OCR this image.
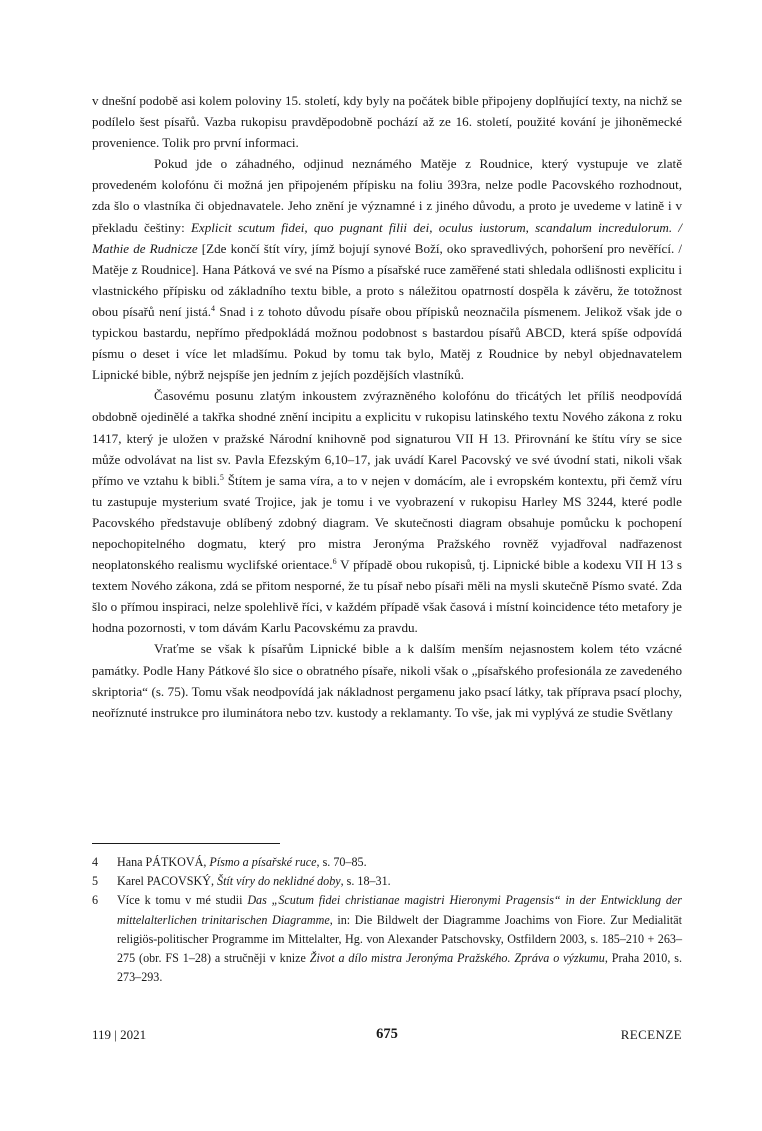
v dnešní podobě asi kolem poloviny 15. století, kdy byly na počátek bible připojeny doplňující texty, na nichž se podílelo šest písařů. Vazba rukopisu pravděpodobně pochází až ze 16. století, použité kování je jihoněmecké provenience. Tolik pro první informaci.

Pokud jde o záhadného, odjinud neznámého Matěje z Roudnice, který vystupuje ve zlatě provedeném kolofónu či možná jen připojeném přípisku na foliu 393ra, nelze podle Pacovského rozhodnout, zda šlo o vlastníka či objednavatele. Jeho znění je významné i z jiného důvodu, a proto je uvedeme v latině i v překladu češtiny: Explicit scutum fidei, quo pugnant filii dei, oculus iustorum, scandalum incredulorum. / Mathie de Rudnicze [Zde končí štít víry, jímž bojují synové Boží, oko spravedlivých, pohoršení pro nevěřící. / Matěje z Roudnice]. Hana Pátková ve své na Písmo a písařské ruce zaměřené stati shledala odlišnosti explicitu i vlastnického přípisku od základního textu bible, a proto s náležitou opatrností dospěla k závěru, že totožnost obou písařů není jistá.$^4$ Snad i z tohoto důvodu písaře obou přípisků neoznačila písmenem. Jelikož však jde o typickou bastardu, nepřímo předpokládá možnou podobnost s bastardou písařů ABCD, která spíše odpovídá písmu o deset i více let mladšímu. Pokud by tomu tak bylo, Matěj z Roudnice by nebyl objednavatelem Lipnické bible, nýbrž nejspíše jen jedním z jejích pozdějších vlastníků.

Časovému posunu zlatým inkoustem zvýrazněného kolofónu do třicátých let příliš neodpovídá obdobně ojedinělé a takřka shodné znění incipitu a explicitu v rukopisu latinského textu Nového zákona z roku 1417, který je uložen v pražské Národní knihovně pod signaturou VII H 13. Přirovnání ke štítu víry se sice může odvolávat na list sv. Pavla Efezským 6,10–17, jak uvádí Karel Pacovský ve své úvodní stati, nikoli však přímo ve vztahu k bibli.$^5$ Štítem je sama víra, a to v nejen v domácím, ale i evropském kontextu, při čemž víru tu zastupuje mysterium svaté Trojice, jak je tomu i ve vyobrazení v rukopisu Harley MS 3244, které podle Pacovského představuje oblíbený zdobný diagram. Ve skutečnosti diagram obsahuje pomůcku k pochopení nepochopitelného dogmatu, který pro mistra Jeronýma Pražského rovněž vyjadřoval nadřazenost neoplatonského realismu wyclifské orientace.$^6$ V případě obou rukopisů, tj. Lipnické bible a kodexu VII H 13 s textem Nového zákona, zdá se přitom nesporné, že tu písař nebo písaři měli na mysli skutečně Písmo svaté. Zda šlo o přímou inspiraci, nelze spolehlivě říci, v každém případě však časová i místní koincidence této metafory je hodna pozornosti, v tom dávám Karlu Pacovskému za pravdu.

Vraťme se však k písařům Lipnické bible a k dalším menším nejasnostem kolem této vzácné památky. Podle Hany Pátkové šlo sice o obratného písaře, nikoli však o „písařského profesionála ze zavedeného skriptoria“ (s. 75). Tomu však neodpovídá jak nákladnost pergamenu jako psací látky, tak příprava psací plochy, neoříznuté instrukce pro iluminátora nebo tzv. kustody a reklamanty. To vše, jak mi vyplývá ze studie Světlany

4	Hana PÁTKOVÁ, Písmo a písařské ruce, s. 70–85.
5	Karel PACOVSKÝ, Štít víry do neklidné doby, s. 18–31.
6	Více k tomu v mé studii Das „Scutum fidei christianae magistri Hieronymi Pragensis“ in der Entwicklung der mittelalterlichen trinitarischen Diagramme, in: Die Bildwelt der Diagramme Joachims von Fiore. Zur Medialität religiös-politischer Programme im Mittelalter, Hg. von Alexander Patschovsky, Ostfildern 2003, s. 185–210 + 263–275 (obr. FS 1–28) a stručněji v knize Život a dílo mistra Jeronýma Pražského. Zpráva o výzkumu, Praha 2010, s. 273–293.
119 | 2021	675	RECENZE
